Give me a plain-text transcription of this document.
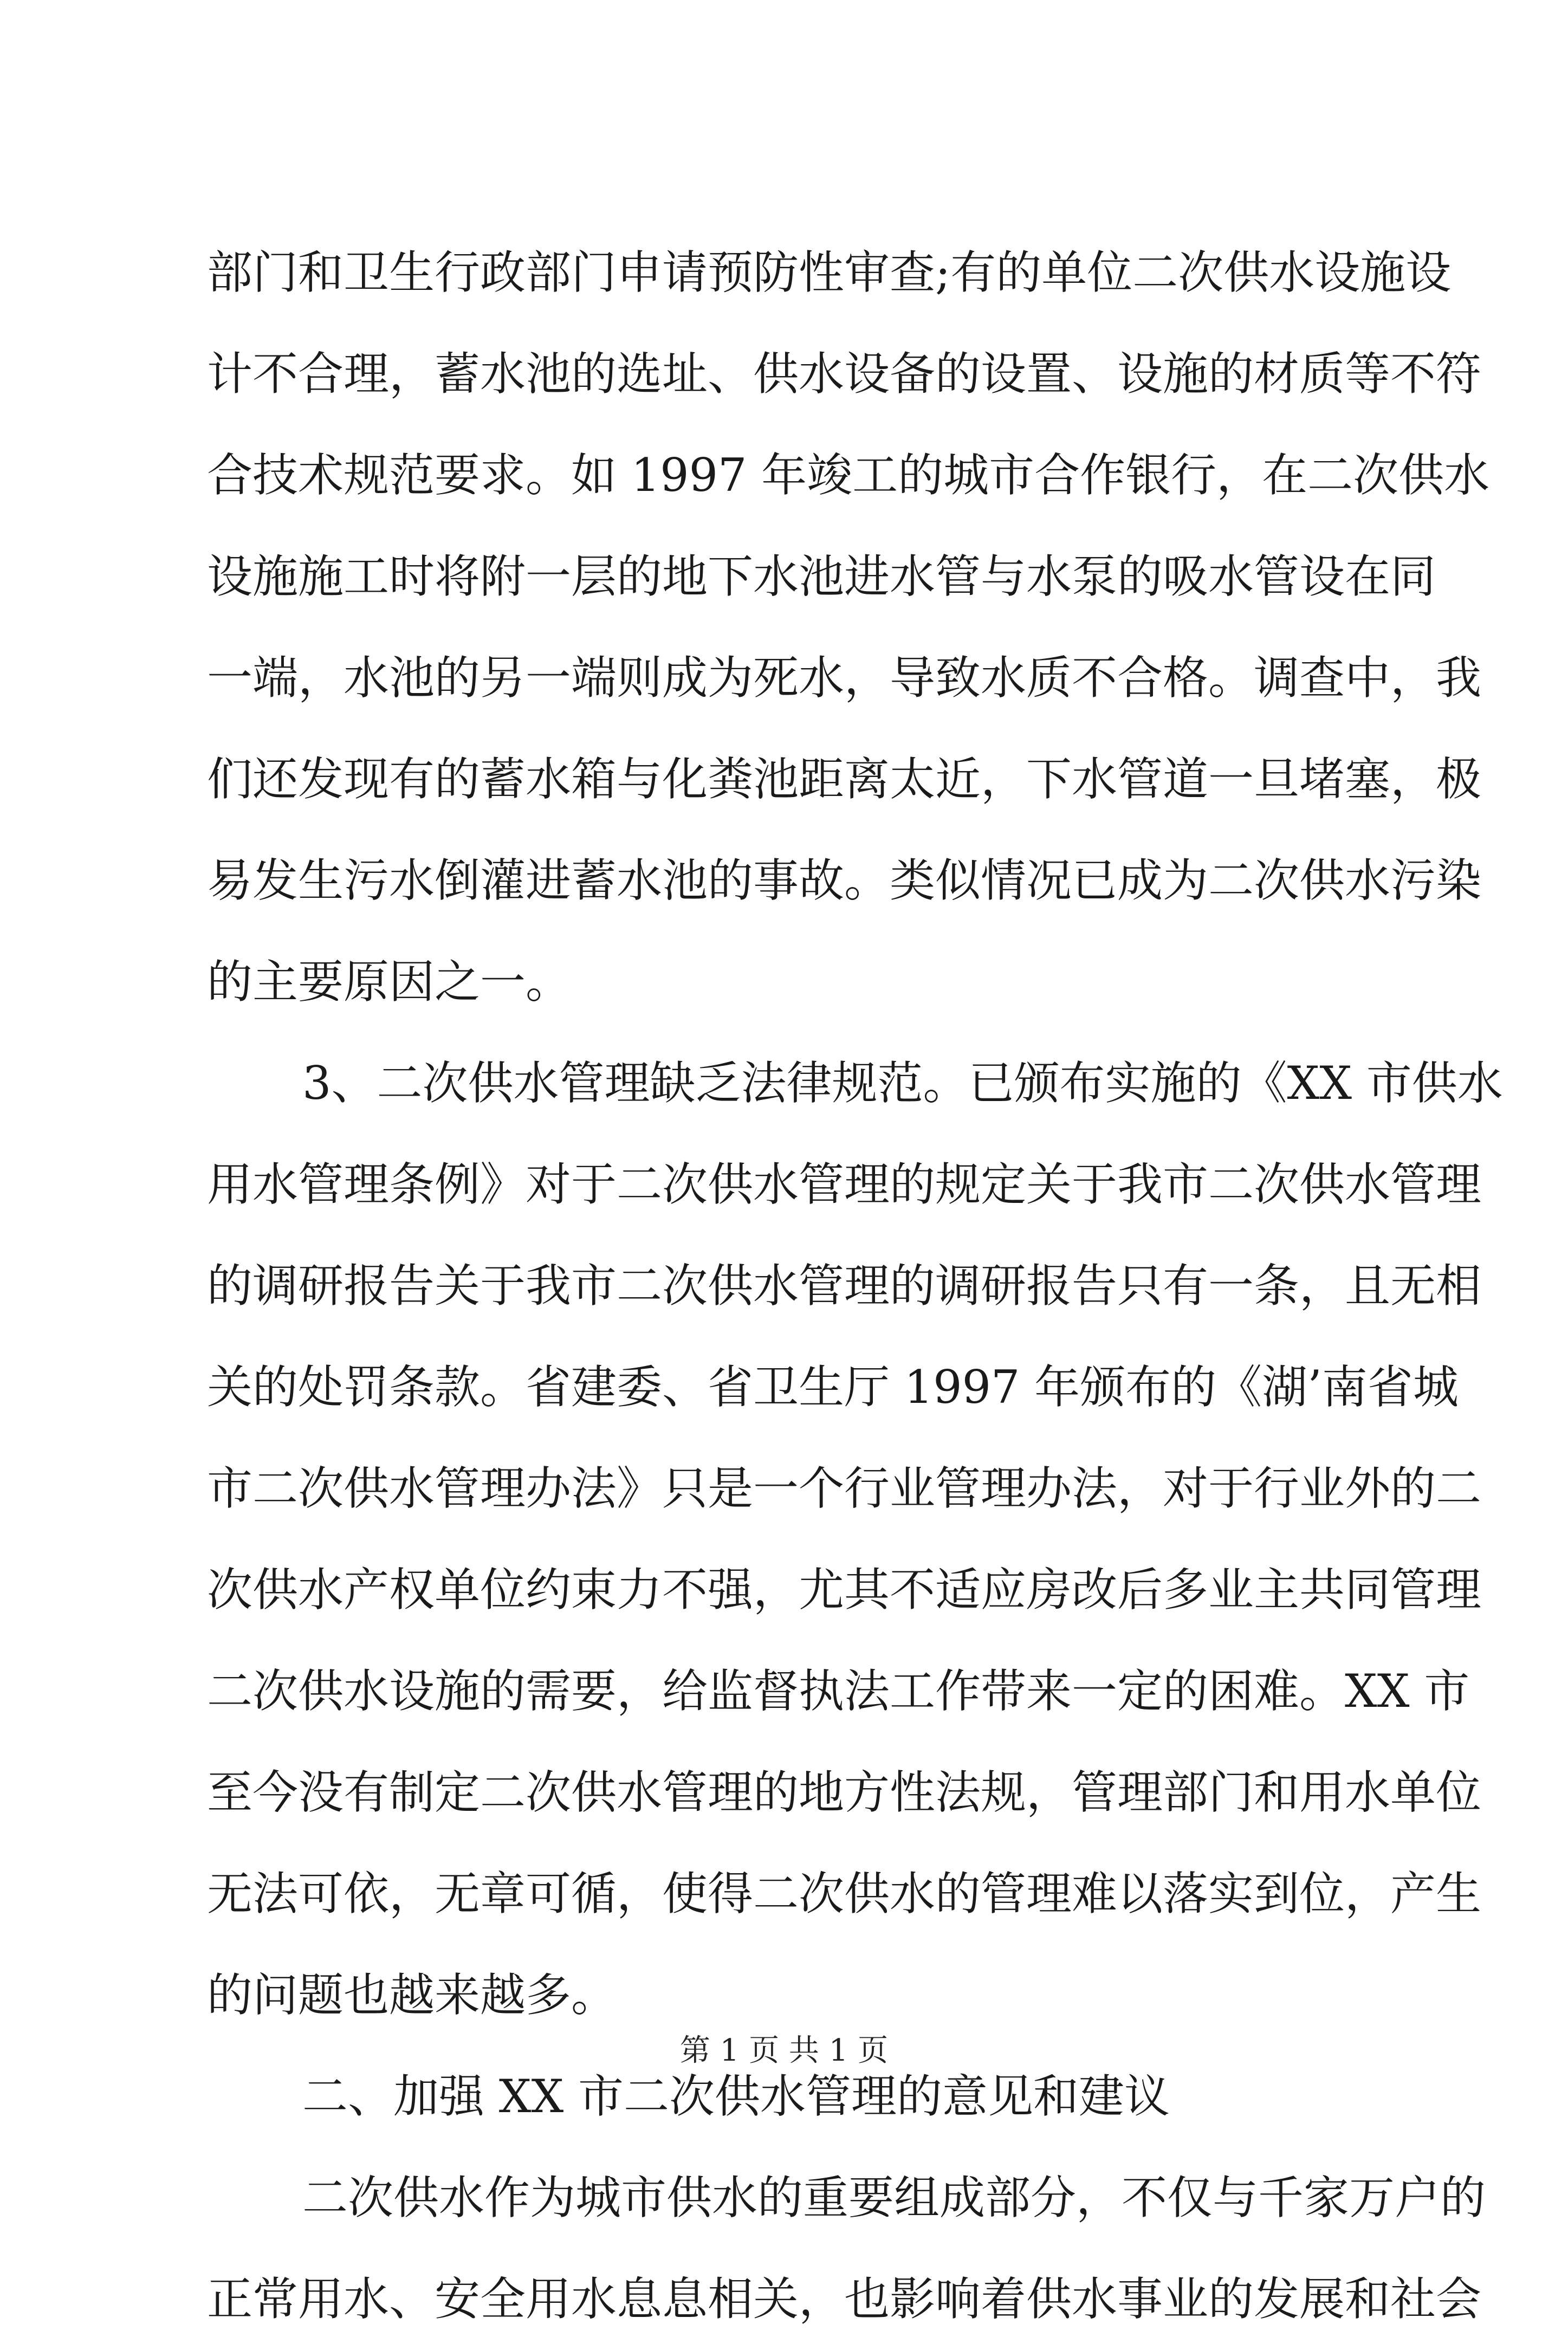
部门和卫生行政部门申请预防性审查;有的单位二次供水设施设
计不合理，蓄水池的选址、供水设备的设置、设施的材质等不符
合技术规范要求。如 1997 年竣工的城市合作银行，在二次供水
设施施工时将附一层的地下水池进水管与水泵的吸水管设在同
一端，水池的另一端则成为死水，导致水质不合格。调查中，我
们还发现有的蓄水箱与化粪池距离太近，下水管道一旦堵塞，极
易发生污水倒灌进蓄水池的事故。类似情况已成为二次供水污染
的主要原因之一。
3、二次供水管理缺乏法律规范。已颁布实施的《XX 市供水
用水管理条例》对于二次供水管理的规定关于我市二次供水管理
的调研报告关于我市二次供水管理的调研报告只有一条，且无相
关的处罚条款。省建委、省卫生厅 1997 年颁布的《湖’南省城
市二次供水管理办法》只是一个行业管理办法，对于行业外的二
次供水产权单位约束力不强，尤其不适应房改后多业主共同管理
二次供水设施的需要，给监督执法工作带来一定的困难。XX 市
至今没有制定二次供水管理的地方性法规，管理部门和用水单位
无法可依，无章可循，使得二次供水的管理难以落实到位，产生
的问题也越来越多。
二、加强 XX 市二次供水管理的意见和建议
二次供水作为城市供水的重要组成部分，不仅与千家万户的
正常用水、安全用水息息相关，也影响着供水事业的发展和社会
第 1 页 共 1 页
